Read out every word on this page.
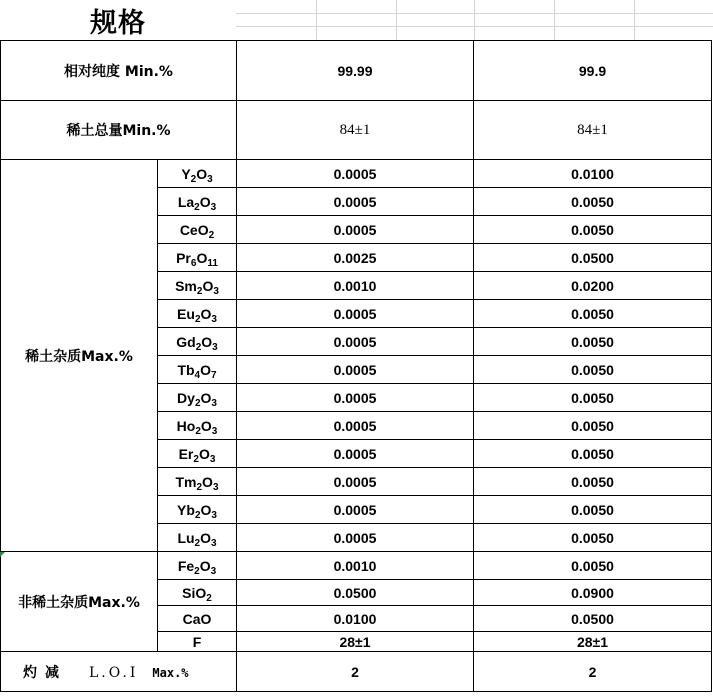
规格
相对纯度 Min.%		99.99	99.9
稀土总量Min.%		84±1	84±1
稀土杂质Max.%	$Y_2O_3$	0.0005	0.0100
	$La_2O_3$	0.0005	0.0050
	CeO$_2$	0.0005	0.0050
	$Pr_6O_{11}$	0.0025	0.0500
	$Sm_2O_3$	0.0010	0.0200
	$Eu_2O_3$	0.0005	0.0050
	$Gd_2O_3$	0.0005	0.0050
	$Tb_4O_7$	0.0005	0.0050
	$Dy_2O_3$	0.0005	0.0050
	$Ho_2O_3$	0.0005	0.0050
	$Er_2O_3$	0.0005	0.0050
	$Tm_2O_3$	0.0005	0.0050
	$Yb_2O_3$	0.0005	0.0050
	$Lu_2O_3$	0.0005	0.0050
非稀土杂质Max.%	$Fe_2O_3$	0.0010	0.0050
	SiO$_2$	0.0500	0.0900
	CaO	0.0100	0.0500
	F	28±1	28±1
灼减 L.O.I Max.%		2	2
